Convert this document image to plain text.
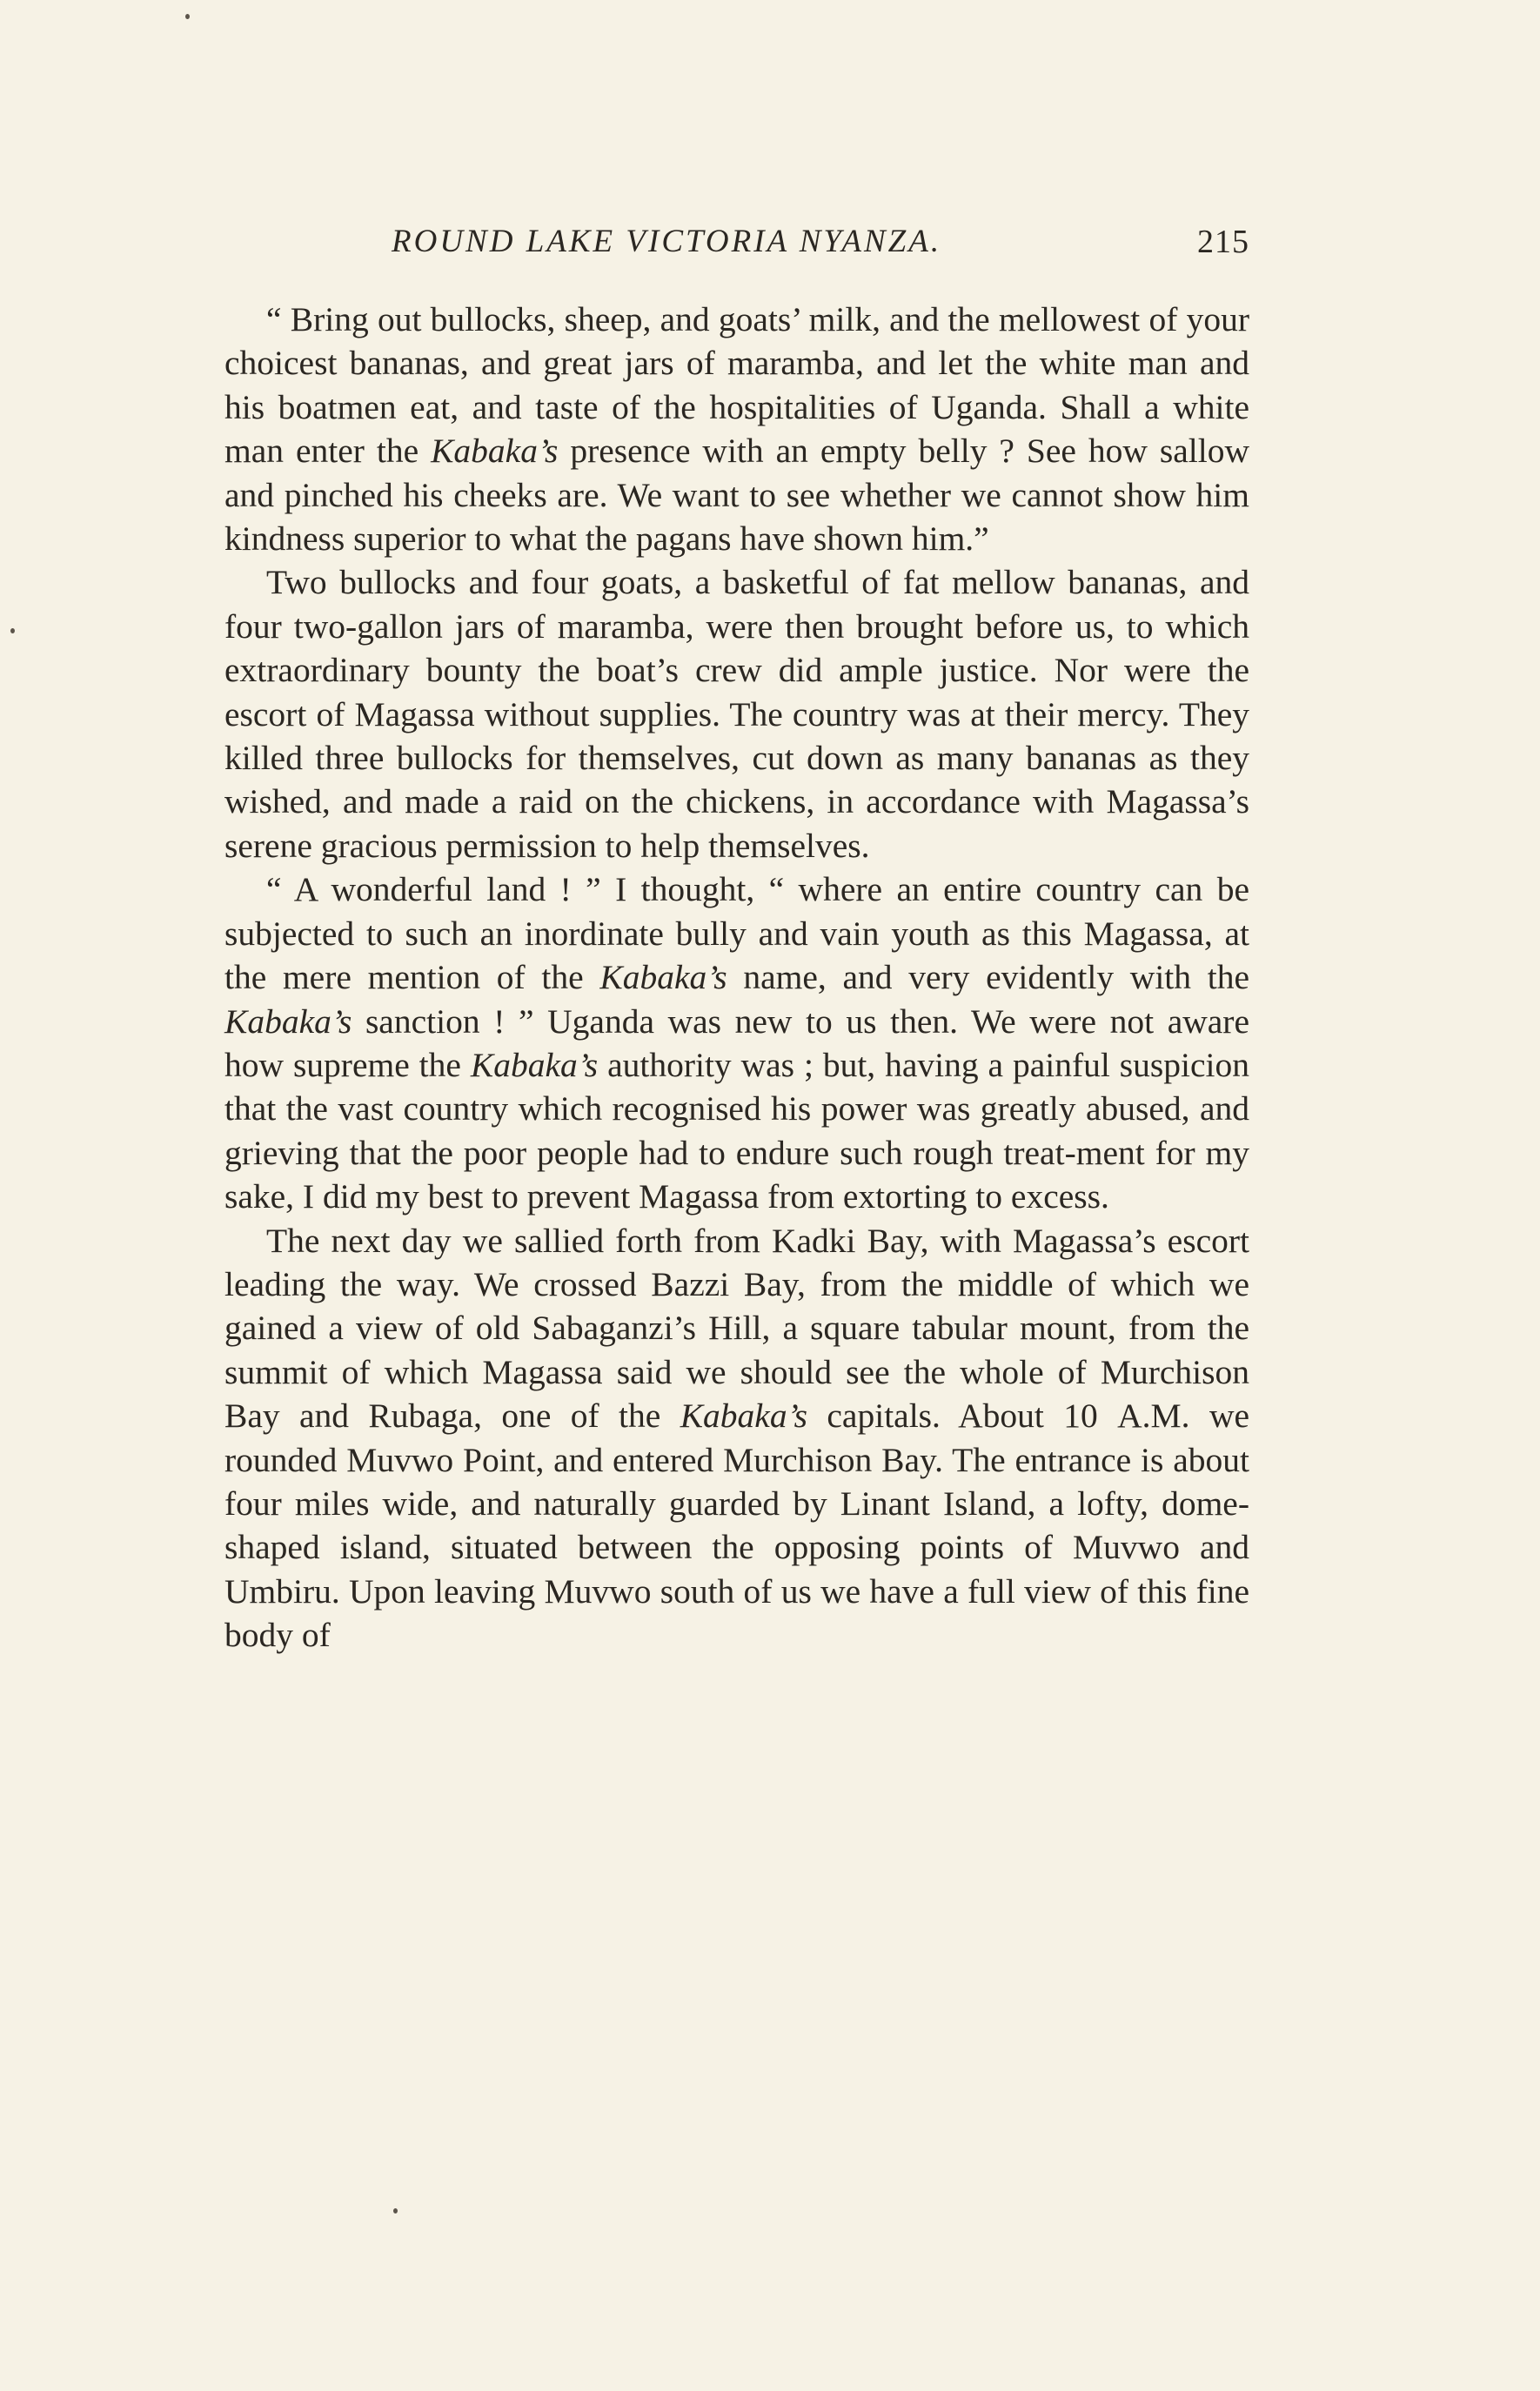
ROUND LAKE VICTORIA NYANZA.	215

“ Bring out bullocks, sheep, and goats’ milk, and the mellowest of your choicest bananas, and great jars of maramba, and let the white man and his boatmen eat, and taste of the hospitalities of Uganda. Shall a white man enter the Kabaka’s presence with an empty belly ? See how sallow and pinched his cheeks are. We want to see whether we cannot show him kindness superior to what the pagans have shown him.”

Two bullocks and four goats, a basketful of fat mellow bananas, and four two-gallon jars of maramba, were then brought before us, to which extraordinary bounty the boat’s crew did ample justice. Nor were the escort of Magassa without supplies. The country was at their mercy. They killed three bullocks for themselves, cut down as many bananas as they wished, and made a raid on the chickens, in accordance with Magassa’s serene gracious permission to help themselves.

“ A wonderful land ! ” I thought, “ where an entire country can be subjected to such an inordinate bully and vain youth as this Magassa, at the mere mention of the Kabaka’s name, and very evidently with the Kabaka’s sanction ! ” Uganda was new to us then. We were not aware how supreme the Kabaka’s authority was ; but, having a painful suspicion that the vast country which recognised his power was greatly abused, and grieving that the poor people had to endure such rough treat-ment for my sake, I did my best to prevent Magassa from extorting to excess.

The next day we sallied forth from Kadki Bay, with Magassa’s escort leading the way. We crossed Bazzi Bay, from the middle of which we gained a view of old Sabaganzi’s Hill, a square tabular mount, from the summit of which Magassa said we should see the whole of Murchison Bay and Rubaga, one of the Kabaka’s capitals. About 10 A.M. we rounded Muvwo Point, and entered Murchison Bay. The entrance is about four miles wide, and naturally guarded by Linant Island, a lofty, dome-shaped island, situated between the opposing points of Muvwo and Umbiru. Upon leaving Muvwo south of us we have a full view of this fine body of
